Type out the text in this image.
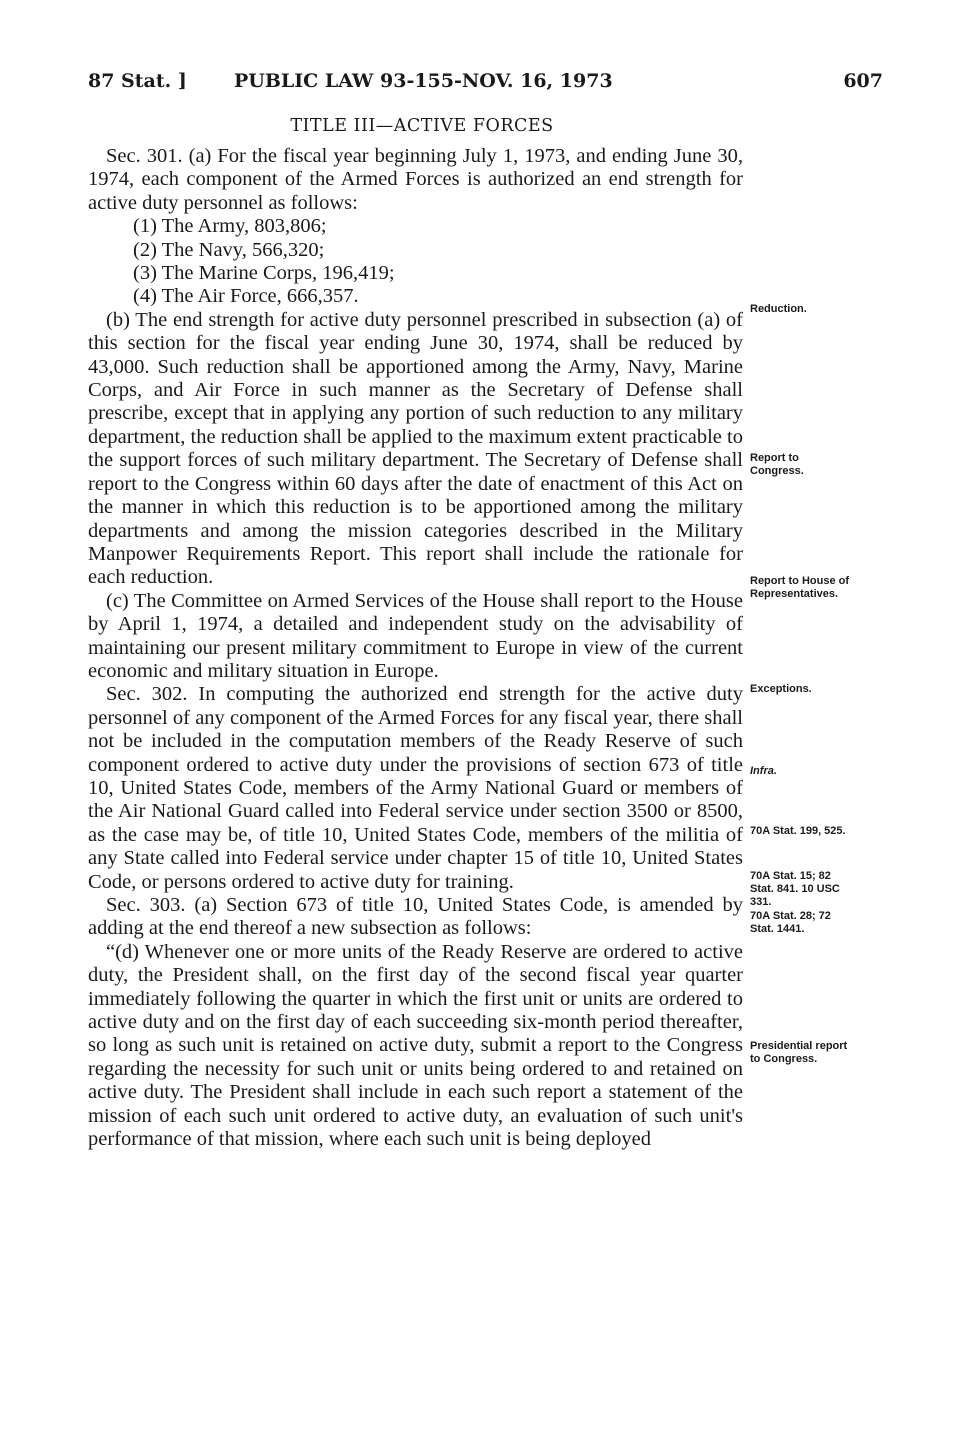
87 Stat. ] PUBLIC LAW 93-155-NOV. 16, 1973	607
TITLE III—ACTIVE FORCES

Sec. 301. (a) For the fiscal year beginning July 1, 1973, and ending June 30, 1974, each component of the Armed Forces is authorized an end strength for active duty personnel as follows:

(1) The Army, 803,806;

(2) The Navy, 566,320;

(3) The Marine Corps, 196,419;

(4) The Air Force, 666,357.

(b) The end strength for active duty personnel prescribed in subsection (a) of this section for the fiscal year ending June 30, 1974, shall be reduced by 43,000. Such reduction shall be apportioned among the Army, Navy, Marine Corps, and Air Force in such manner as the Secretary of Defense shall prescribe, except that in applying any portion of such reduction to any military department, the reduction shall be applied to the maximum extent practicable to the support forces of such military department. The Secretary of Defense shall report to the Congress within 60 days after the date of enactment of this Act on the manner in which this reduction is to be apportioned among the military departments and among the mission categories described in the Military Manpower Requirements Report. This report shall include the rationale for each reduction.

(c) The Committee on Armed Services of the House shall report to the House by April 1, 1974, a detailed and independent study on the advisability of maintaining our present military commitment to Europe in view of the current economic and military situation in Europe.

Sec. 302. In computing the authorized end strength for the active duty personnel of any component of the Armed Forces for any fiscal year, there shall not be included in the computation members of the Ready Reserve of such component ordered to active duty under the provisions of section 673 of title 10, United States Code, members of the Army National Guard or members of the Air National Guard called into Federal service under section 3500 or 8500, as the case may be, of title 10, United States Code, members of the militia of any State called into Federal service under chapter 15 of title 10, United States Code, or persons ordered to active duty for training.

Sec. 303. (a) Section 673 of title 10, United States Code, is amended by adding at the end thereof a new subsection as follows:

“(d) Whenever one or more units of the Ready Reserve are ordered to active duty, the President shall, on the first day of the second fiscal year quarter immediately following the quarter in which the first unit or units are ordered to active duty and on the first day of each succeeding six-month period thereafter, so long as such unit is retained on active duty, submit a report to the Congress regarding the necessity for such unit or units being ordered to and retained on active duty. The President shall include in each such report a statement of the mission of each such unit ordered to active duty, an evaluation of such unit's performance of that mission, where each such unit is being deployed

Reduction.
Report to Congress.
Report to House of Representatives.
Exceptions.
Infra.
70A Stat. 199, 525.
70A Stat. 15; 82 Stat. 841. 10 USC 331.
70A Stat. 28; 72 Stat. 1441.
Presidential report to Congress.
